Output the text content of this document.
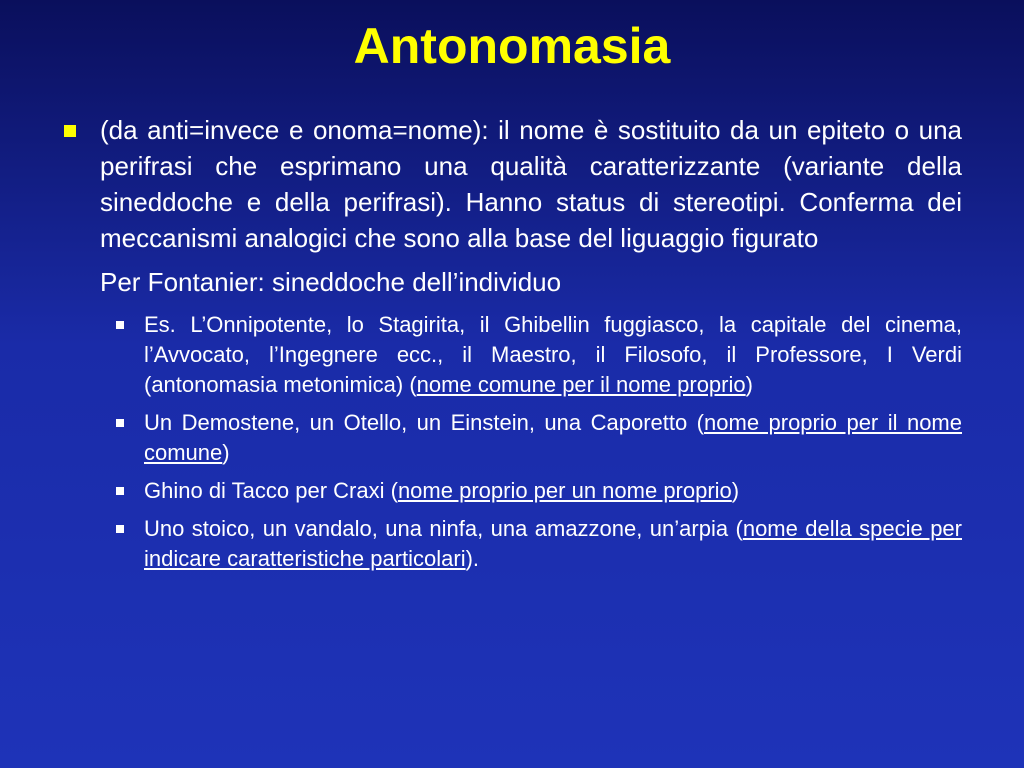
Antonomasia

(da anti=invece e onoma=nome): il nome è sostituito da un epiteto o una perifrasi che esprimano una qualità caratterizzante (variante della sineddoche e della perifrasi). Hanno status di stereotipi. Conferma dei meccanismi analogici che sono alla base del liguaggio figurato

Per Fontanier: sineddoche dell’individuo

Es. L’Onnipotente, lo Stagirita, il Ghibellin fuggiasco, la capitale del cinema, l’Avvocato, l’Ingegnere ecc., il Maestro, il Filosofo, il Professore, I Verdi (antonomasia metonimica) (nome comune per il nome proprio)

Un Demostene, un Otello, un Einstein, una Caporetto (nome proprio per il nome comune)

Ghino di Tacco per Craxi (nome proprio per un nome proprio)

Uno stoico, un vandalo, una ninfa, una amazzone, un’arpia (nome della specie per indicare caratteristiche particolari).
